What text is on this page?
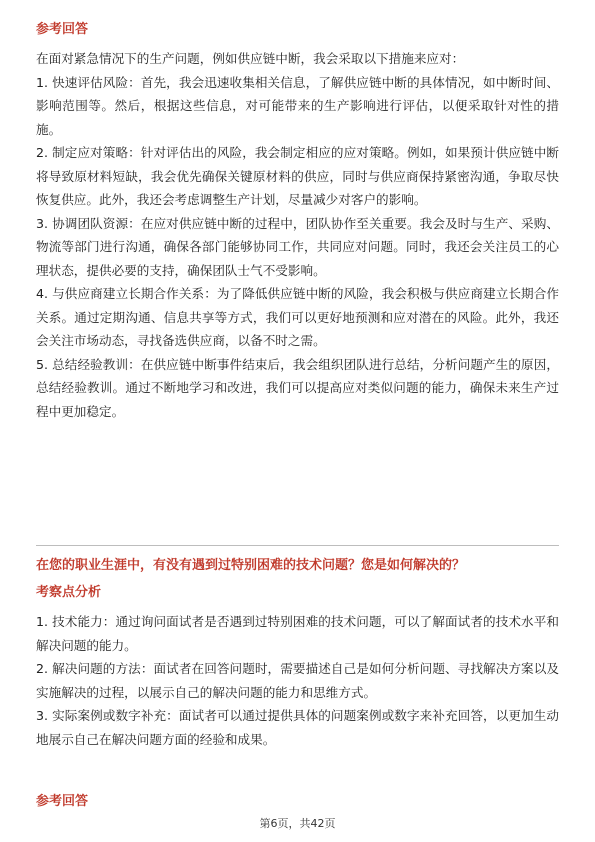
参考回答

在面对紧急情况下的生产问题，例如供应链中断，我会采取以下措施来应对：

1. 快速评估风险：首先，我会迅速收集相关信息，了解供应链中断的具体情况，如中断时间、影响范围等。然后，根据这些信息，对可能带来的生产影响进行评估，以便采取针对性的措施。

2. 制定应对策略：针对评估出的风险，我会制定相应的应对策略。例如，如果预计供应链中断将导致原材料短缺，我会优先确保关键原材料的供应，同时与供应商保持紧密沟通，争取尽快恢复供应。此外，我还会考虑调整生产计划，尽量减少对客户的影响。

3. 协调团队资源：在应对供应链中断的过程中，团队协作至关重要。我会及时与生产、采购、物流等部门进行沟通，确保各部门能够协同工作，共同应对问题。同时，我还会关注员工的心理状态，提供必要的支持，确保团队士气不受影响。

4. 与供应商建立长期合作关系：为了降低供应链中断的风险，我会积极与供应商建立长期合作关系。通过定期沟通、信息共享等方式，我们可以更好地预测和应对潜在的风险。此外，我还会关注市场动态，寻找备选供应商，以备不时之需。

5. 总结经验教训：在供应链中断事件结束后，我会组织团队进行总结，分析问题产生的原因，总结经验教训。通过不断地学习和改进，我们可以提高应对类似问题的能力，确保未来生产过程中更加稳定。

在您的职业生涯中，有没有遇到过特别困难的技术问题？您是如何解决的？

考察点分析

1. 技术能力：通过询问面试者是否遇到过特别困难的技术问题，可以了解面试者的技术水平和解决问题的能力。

2. 解决问题的方法：面试者在回答问题时，需要描述自己是如何分析问题、寻找解决方案以及实施解决的过程，以展示自己的解决问题的能力和思维方式。

3. 实际案例或数字补充：面试者可以通过提供具体的问题案例或数字来补充回答，以更加生动地展示自己在解决问题方面的经验和成果。

参考回答

第6页，共42页
